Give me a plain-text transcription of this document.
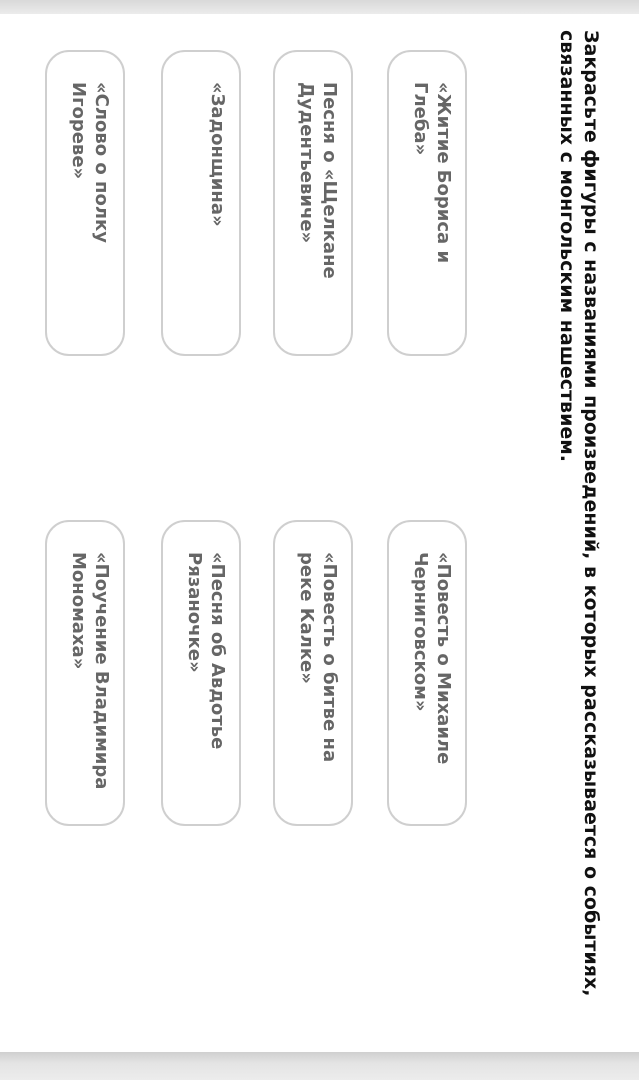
Закрасьте фигуры с названиями произведений, в которых рассказывается о событиях, связанных с монгольским нашествием.

«Житие Бориса и Глеба»
Песня о «Щелкане Дудентьевиче»
«Задонщина»
«Слово о полку Игореве»
«Повесть о Михаиле Черниговском»
«Повесть о битве на реке Калке»
«Песня об Авдотье Рязаночке»
«Поучение Владимира Мономаха»
